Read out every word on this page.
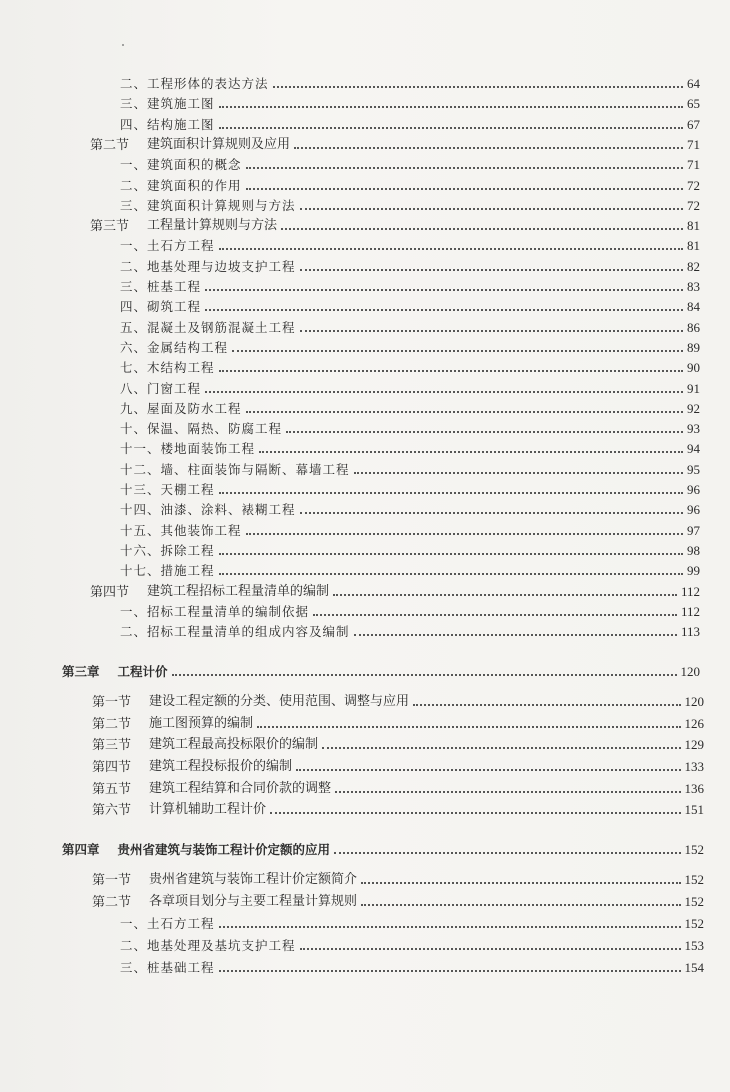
二、工程形体的表达方法	64
三、建筑施工图	65
四、结构施工图	67
第二节 建筑面积计算规则及应用	71
一、建筑面积的概念	71
二、建筑面积的作用	72
三、建筑面积计算规则与方法	72
第三节 工程量计算规则与方法	81
一、土石方工程	81
二、地基处理与边坡支护工程	82
三、桩基工程	83
四、砌筑工程	84
五、混凝土及钢筋混凝土工程	86
六、金属结构工程	89
七、木结构工程	90
八、门窗工程	91
九、屋面及防水工程	92
十、保温、隔热、防腐工程	93
十一、楼地面装饰工程	94
十二、墙、柱面装饰与隔断、幕墙工程	95
十三、天棚工程	96
十四、油漆、涂料、裱糊工程	96
十五、其他装饰工程	97
十六、拆除工程	98
十七、措施工程	99
第四节 建筑工程招标工程量清单的编制	112
一、招标工程量清单的编制依据	112
二、招标工程量清单的组成内容及编制	113
第三章 工程计价	120
第一节 建设工程定额的分类、使用范围、调整与应用	120
第二节 施工图预算的编制	126
第三节 建筑工程最高投标限价的编制	129
第四节 建筑工程投标报价的编制	133
第五节 建筑工程结算和合同价款的调整	136
第六节 计算机辅助工程计价	151
第四章 贵州省建筑与装饰工程计价定额的应用	152
第一节 贵州省建筑与装饰工程计价定额简介	152
第二节 各章项目划分与主要工程量计算规则	152
一、土石方工程	152
二、地基处理及基坑支护工程	153
三、桩基础工程	154
